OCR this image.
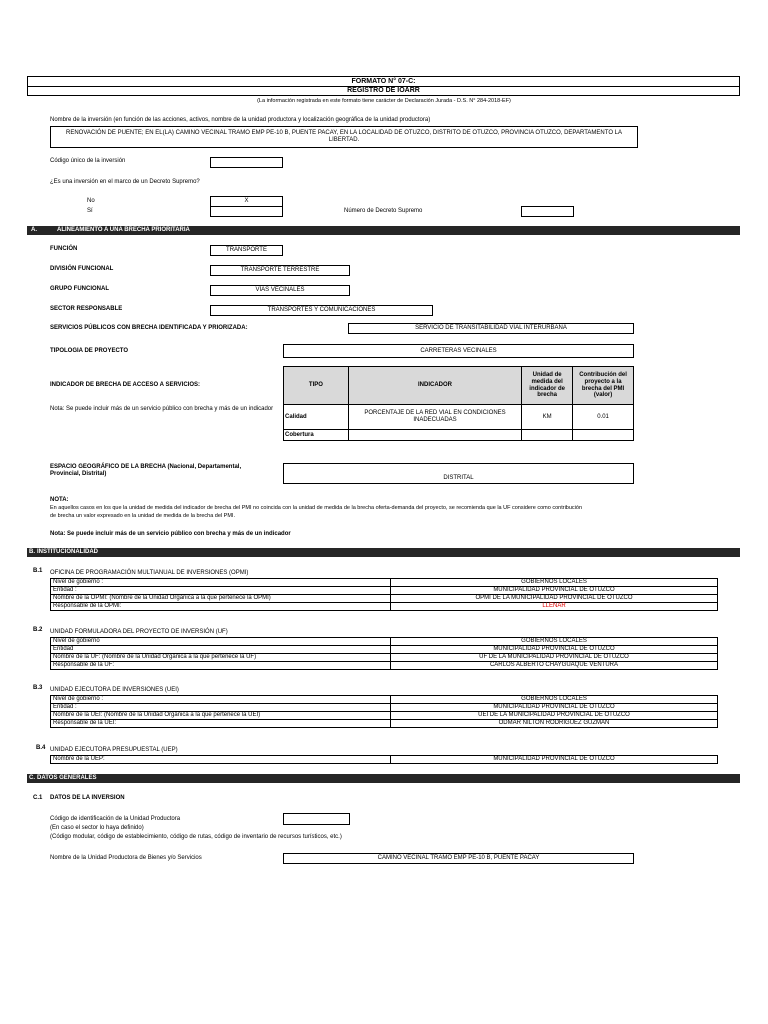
FORMATO N° 07-C:
REGISTRO DE IOARR
(La información registrada en este formato tiene carácter de Declaración Jurada - D.S. N° 284-2018-EF)
Nombre de la inversión (en función de las acciones, activos, nombre de la unidad productora y localización geográfica de la unidad productora)
RENOVACIÓN DE PUENTE; EN EL(LA) CAMINO VECINAL TRAMO EMP PE-10 B, PUENTE PACAY, EN LA LOCALIDAD DE OTUZCO, DISTRITO DE OTUZCO, PROVINCIA OTUZCO, DEPARTAMENTO LA LIBERTAD.
Código único de la inversión
¿Es una inversión en el marco de un Decreto Supremo?
No	X
Sí	Número de Decreto Supremo
A.	ALINEAMIENTO A UNA BRECHA PRIORITARIA
FUNCIÓN	TRANSPORTE
DIVISIÓN FUNCIONAL	TRANSPORTE TERRESTRE
GRUPO FUNCIONAL	VÍAS VECINALES
SECTOR RESPONSABLE	TRANSPORTES Y COMUNICACIONES
SERVICIOS PÚBLICOS CON BRECHA IDENTIFICADA Y PRIORIZADA:	SERVICIO DE TRANSITABILIDAD VIAL INTERURBANA
TIPOLOGIA DE PROYECTO	CARRETERAS VECINALES
INDICADOR DE BRECHA DE ACCESO A SERVICIOS:
Nota: Se puede incluir más de un servicio público con brecha y más de un indicador
TIPO	INDICADOR	Unidad de medida del indicador de brecha	Contribución del proyecto a la brecha del PMI (valor)
Calidad	PORCENTAJE DE LA RED VIAL EN CONDICIONES INADECUADAS	KM	0.01
Cobertura			
ESPACIO GEOGRÁFICO DE LA BRECHA (Nacional, Departamental, Provincial, Distrital)
DISTRITAL
NOTA:
En aquellos casos en los que la unidad de medida del indicador de brecha del PMI no coincida con la unidad de medida de la brecha oferta-demanda del proyecto, se recomienda que la UF considere como contribución
de brecha un valor expresado en la unidad de medida de la brecha del PMI.
Nota: Se puede incluir más de un servicio público con brecha y más de un indicador
B. INSTITUCIONALIDAD
B.1 OFICINA DE PROGRAMACIÓN MULTIANUAL DE INVERSIONES (OPMI)
Nivel de gobierno :	GOBIERNOS LOCALES
Entidad :	MUNICIPALIDAD PROVINCIAL DE OTUZCO
Nombre de la OPMI: (Nombre de la Unidad Orgánica a la que pertenece la OPMI)	OPMI DE LA MUNICIPALIDAD PROVINCIAL DE OTUZCO
Responsable de la OPMI:	LLENAR
B.2 UNIDAD FORMULADORA DEL PROYECTO DE INVERSIÓN (UF)
Nivel de gobierno	GOBIERNOS LOCALES
Entidad	MUNICIPALIDAD PROVINCIAL DE OTUZCO
Nombre de la UF: (Nombre de la Unidad Orgánica a la que pertenece la UF)	UF DE LA MUNICIPALIDAD PROVINCIAL DE OTUZCO
Responsable de la UF:	CARLOS ALBERTO CHAYGUAQUE VENTURA
B.3 UNIDAD EJECUTORA DE INVERSIONES (UEI)
Nivel de gobierno :	GOBIERNOS LOCALES
Entidad :	MUNICIPALIDAD PROVINCIAL DE OTUZCO
Nombre de la UEI: (Nombre de la Unidad Orgánica a la que pertenece la UEI)	UEI DE LA MUNICIPALIDAD PROVINCIAL DE OTUZCO
Responsable de la UEI:	ODMAR NILTON RODRIGUEZ GUZMAN
B.4 UNIDAD EJECUTORA PRESUPUESTAL (UEP)
Nombre de la UEP:	MUNICIPALIDAD PROVINCIAL DE OTUZCO
C. DATOS GENERALES
C.1 DATOS DE LA INVERSION
Código de identificación de la Unidad Productora
(En caso el sector lo haya definido)
(Código modular, código de establecimiento, código de rutas, código de inventario de recursos turísticos, etc.)
Nombre de la Unidad Productora de Bienes y/o Servicios	CAMINO VECINAL TRAMO EMP PE-10 B, PUENTE PACAY
